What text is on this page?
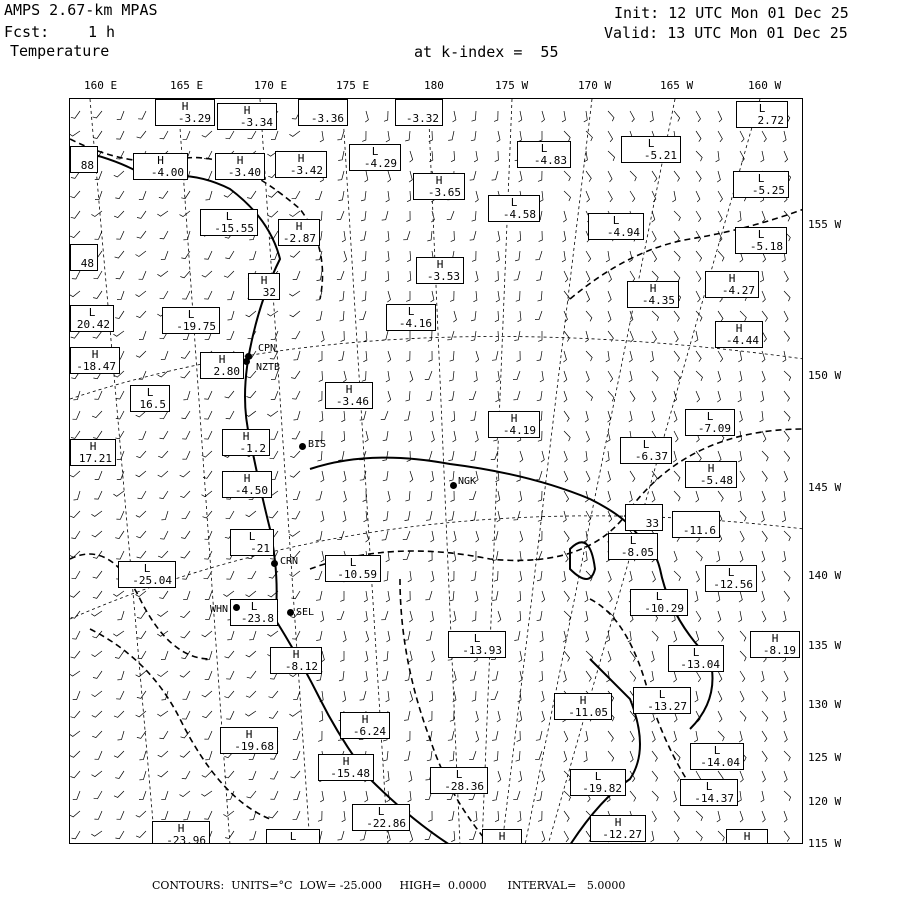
AMPS 2.67-km MPAS
Fcst:	1 h
Temperature
Init: 12 UTC Mon 01 Dec 25
Valid: 13 UTC Mon 01 Dec 25
at k-index =  55
160 E	165 E	170 E	175 E	180	175 W	170 W	165 W	160 W
155 W
150 W
145 W
140 W
135 W
130 W
125 W
120 W
115 W
H
-3.29
H
-3.34
	-3.36
	-3.32
L
2.72

88	H
-4.00
H
-3.40
H
-3.42
L
-4.29
L
-4.83
L
-5.21
L
-5.25
H
-3.65
L
-4.58
L
-15.55	H
-2.87
L
-4.94	L
-5.18

48	H
-3.53
H
32	H
-4.35
H
-4.27
L
20.42
L
-19.75
L
-4.16	H
-4.44
H
-18.47
H
2.80
L
16.5
H
-3.46
H
-4.19
L
-7.09
H
17.21
H
-1.2	L
-6.37
H
-5.48
H
-4.50

33

-11.6
L
-21
L
-8.05
L
-25.04
L
-10.59	L
-12.56
L
-23.8
L
-10.29
H
-8.12
L
-13.93	L
-13.04
H
-8.19
H
-11.05
L
-13.27
H
-6.24
H
-19.68	L
-14.04
H
-15.48	L
-28.36
L
-19.82	L
-14.37
L
-22.86	H
-12.27
H
-23.96	L
	H
	H

CPN
NZTB
BIS
NGK
CRN
WHN	SEL
CONTOURS:  UNITS=°C  LOW= -25.000     HIGH=  0.0000      INTERVAL=   5.0000
